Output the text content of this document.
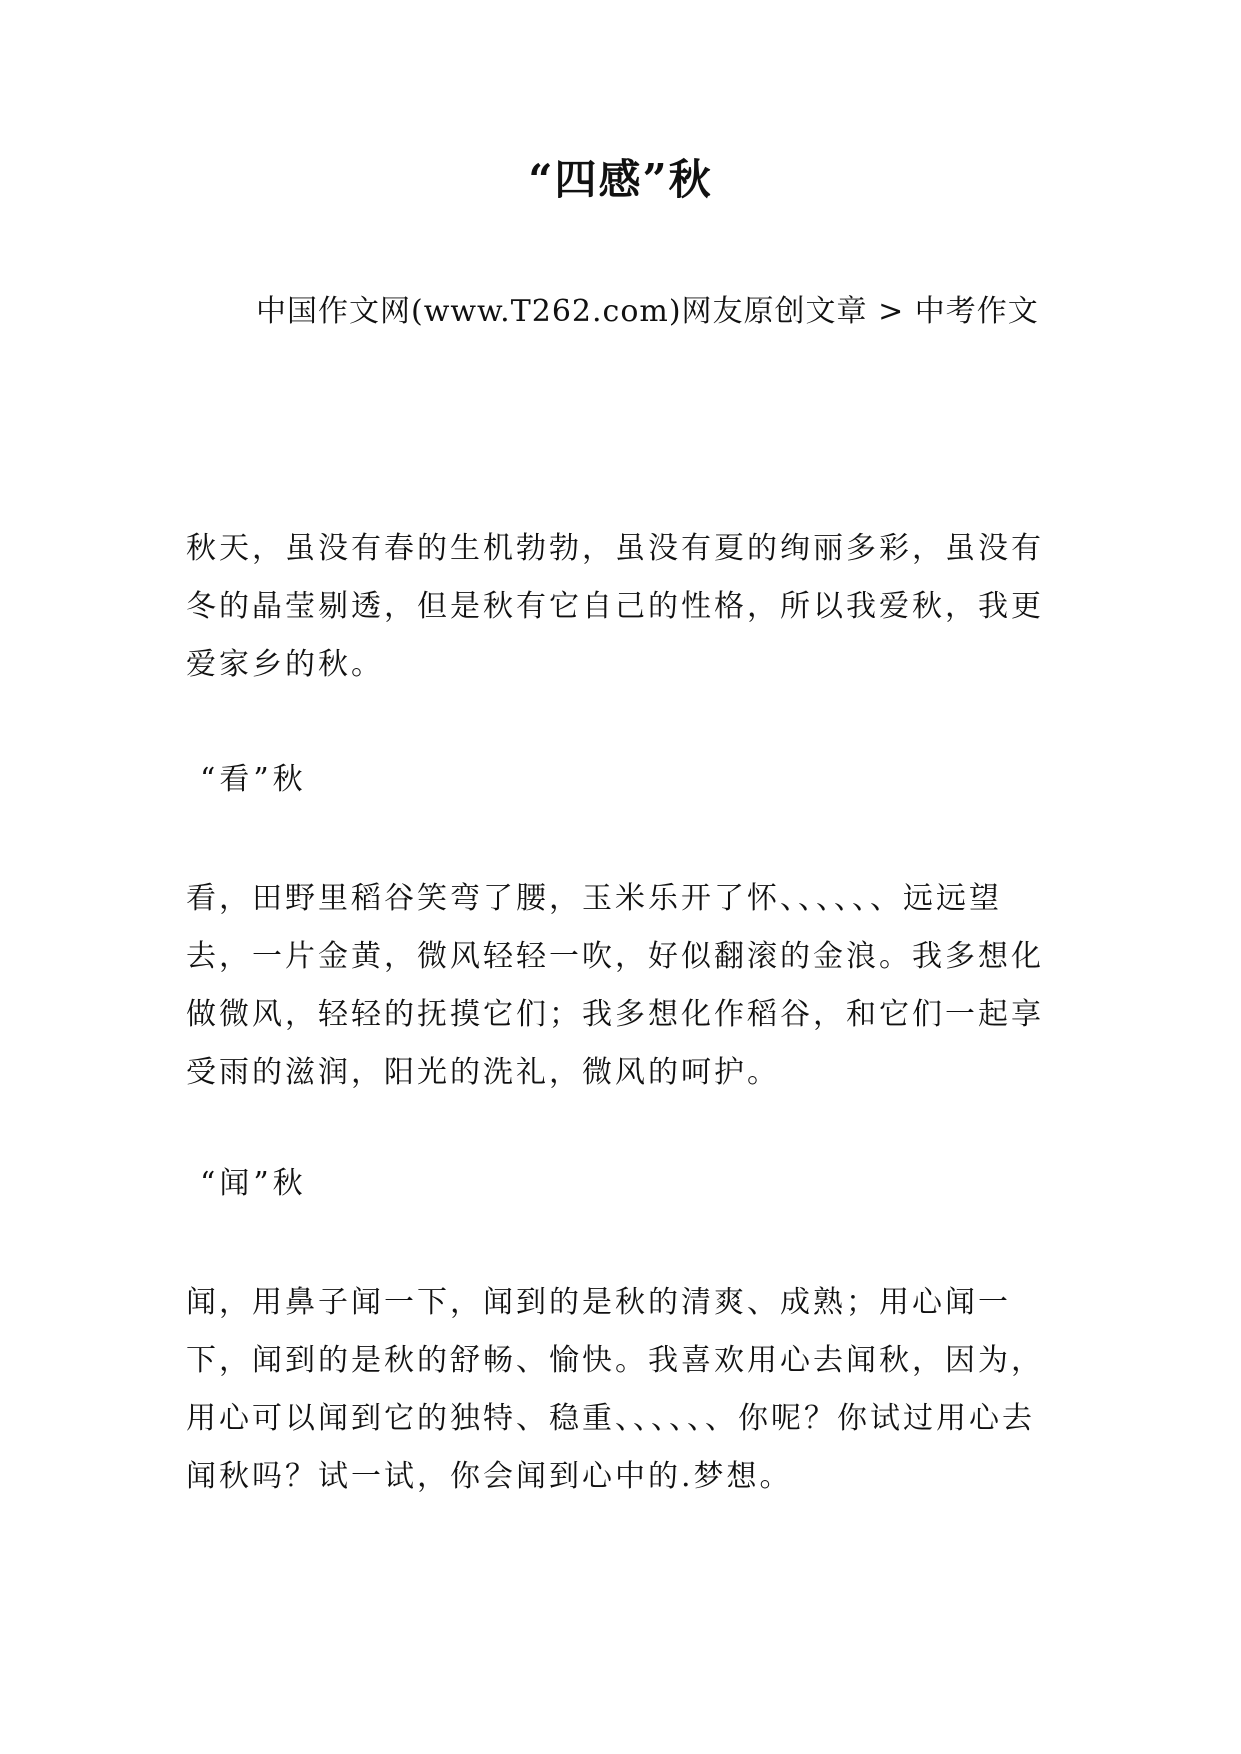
“四感”秋
中国作文网(www.T262.com)网友原创文章 > 中考作文

秋天，虽没有春的生机勃勃，虽没有夏的绚丽多彩，虽没有冬的晶莹剔透，但是秋有它自己的性格，所以我爱秋，我更爱家乡的秋。

“看”秋

看，田野里稻谷笑弯了腰，玉米乐开了怀、、、、、、远远望去，一片金黄，微风轻轻一吹，好似翻滚的金浪。我多想化做微风，轻轻的抚摸它们；我多想化作稻谷，和它们一起享受雨的滋润，阳光的洗礼，微风的呵护。

“闻”秋

闻，用鼻子闻一下，闻到的是秋的清爽、成熟；用心闻一下，闻到的是秋的舒畅、愉快。我喜欢用心去闻秋，因为，用心可以闻到它的独特、稳重、、、、、、你呢？你试过用心去闻秋吗？试一试，你会闻到心中的.梦想。
